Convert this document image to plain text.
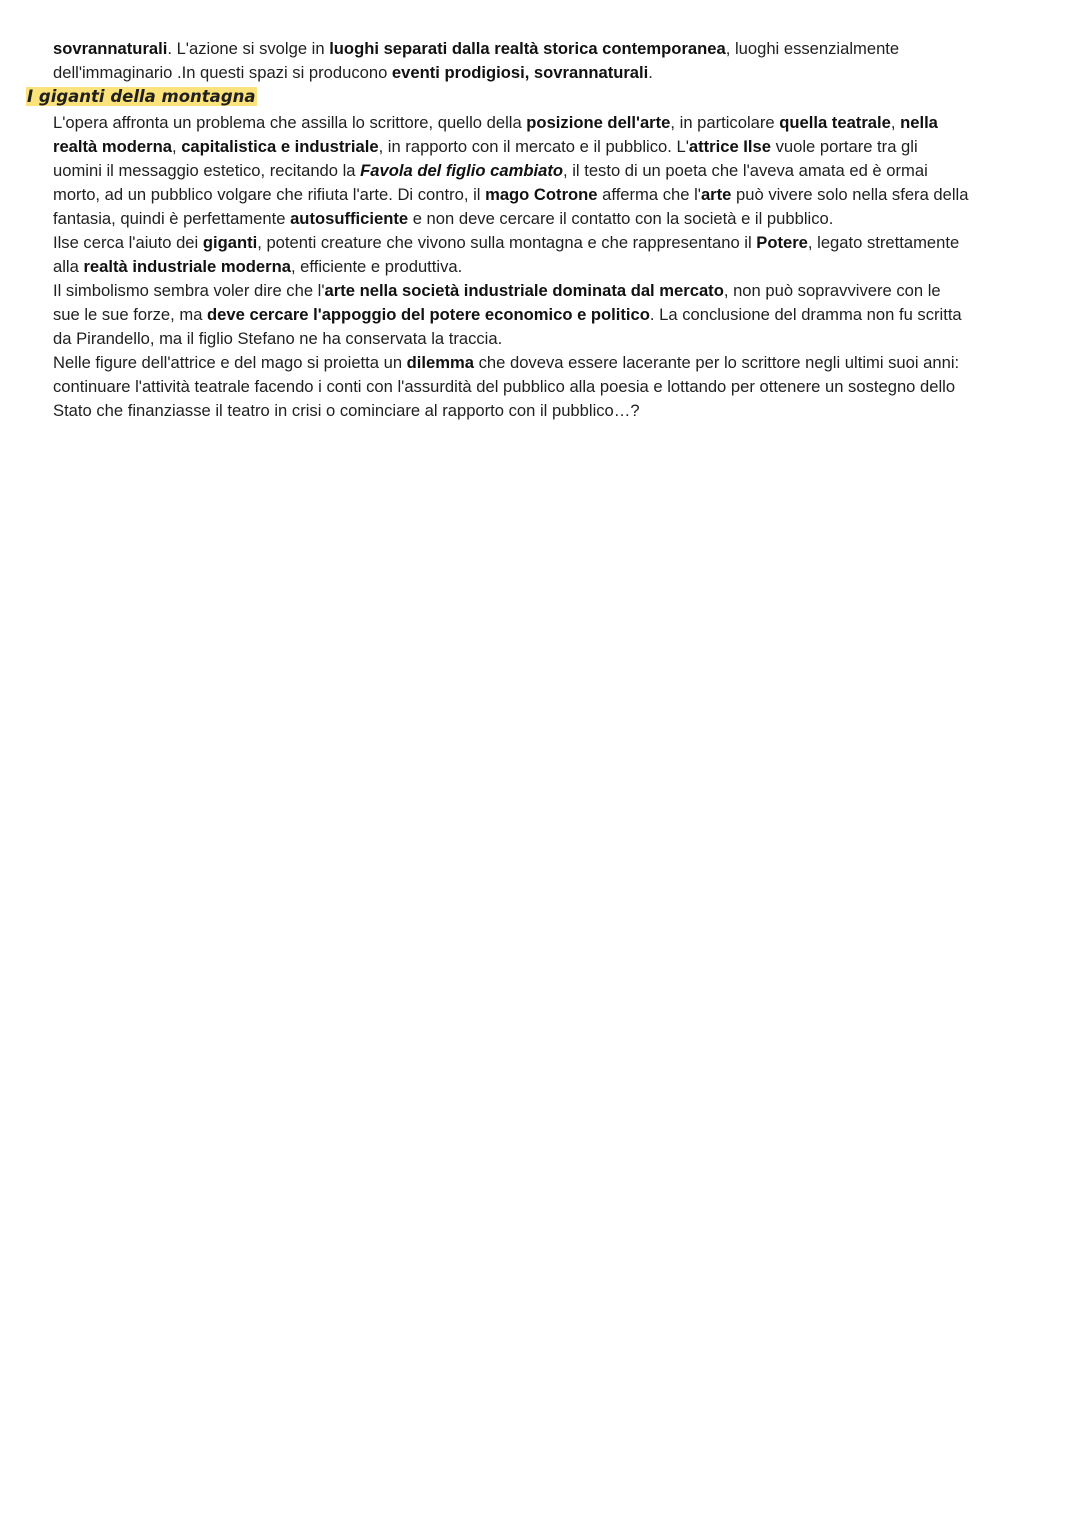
sovrannaturali. L'azione si svolge in luoghi separati dalla realtà storica contemporanea, luoghi essenzialmente
dell'immaginario .In questi spazi si producono eventi prodigiosi, sovrannaturali.
I giganti della montagna
L'opera affronta un problema che assilla lo scrittore, quello della posizione dell'arte, in particolare quella teatrale, nella
realtà moderna, capitalistica e industriale, in rapporto con il mercato e il pubblico. L'attrice Ilse vuole portare tra gli
uomini il messaggio estetico, recitando la Favola del figlio cambiato, il testo di un poeta che l'aveva amata ed è ormai
morto, ad un pubblico volgare che rifiuta l'arte. Di contro, il mago Cotrone afferma che l'arte può vivere solo nella sfera della
fantasia, quindi è perfettamente autosufficiente e non deve cercare il contatto con la società e il pubblico.
Ilse cerca l'aiuto dei giganti, potenti creature che vivono sulla montagna e che rappresentano il Potere, legato strettamente
alla realtà industriale moderna, efficiente e produttiva.
Il simbolismo sembra voler dire che l'arte nella società industriale dominata dal mercato, non può sopravvivere con le
sue le sue forze, ma deve cercare l'appoggio del potere economico e politico. La conclusione del dramma non fu scritta
da Pirandello, ma il figlio Stefano ne ha conservata la traccia.
Nelle figure dell'attrice e del mago si proietta un dilemma che doveva essere lacerante per lo scrittore negli ultimi suoi anni:
continuare l'attività teatrale facendo i conti con l'assurdità del pubblico alla poesia e lottando per ottenere un sostegno dello
Stato che finanziasse il teatro in crisi o cominciare al rapporto con il pubblico…?
